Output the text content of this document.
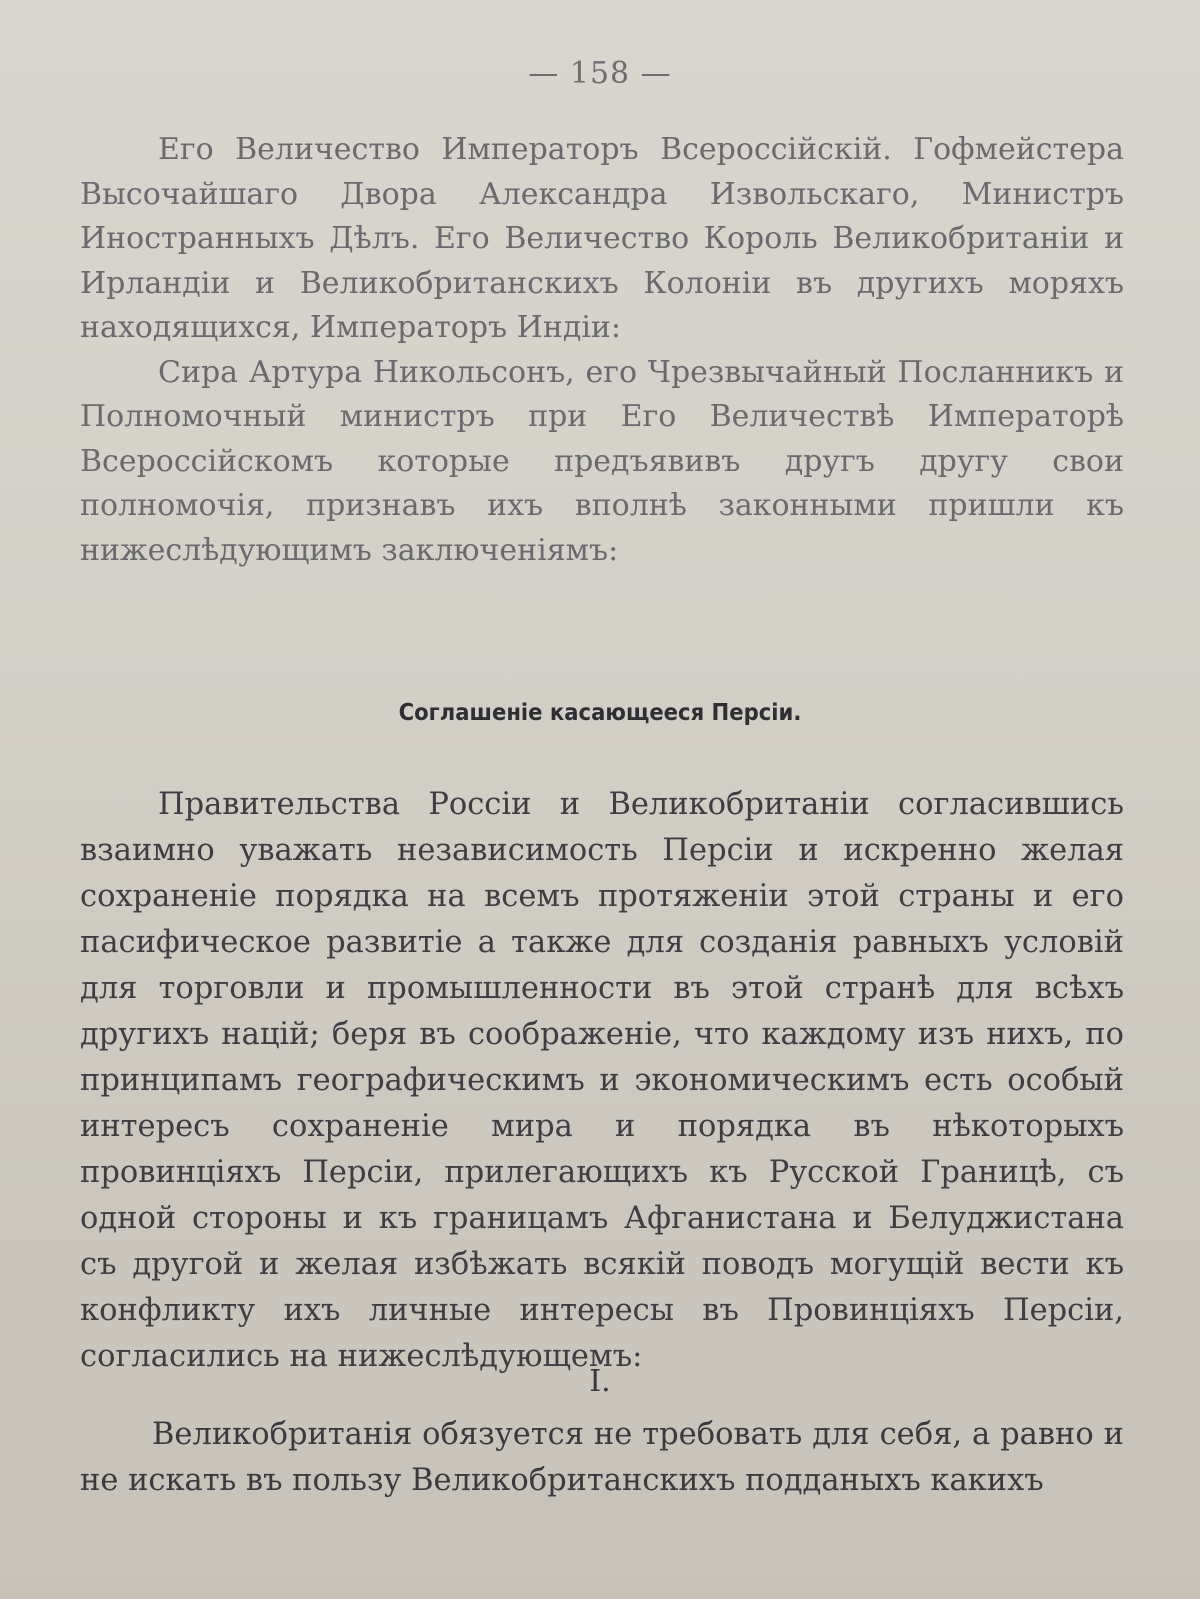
— 158 —

Его Величество Императоръ Всероссійскій. Гофмейстера Высочайшаго Двора Александра Извольскаго, Министръ Иностранныхъ Дѣлъ. Его Величество Король Великобританіи и Ирландіи и Великобританскихъ Колоніи въ другихъ моряхъ находящихся, Императоръ Индіи:

Сира Артура Никольсонъ, его Чрезвычайный Посланникъ и Полномочный министръ при Его Величествѣ Императорѣ Всероссійскомъ которые предъявивъ другъ другу свои полномочія, признавъ ихъ вполнѣ законными пришли къ нижеслѣдующимъ заключеніямъ:

Соглашеніе касающееся Персіи.

Правительства Россіи и Великобританіи согласившись взаимно уважать независимость Персіи и искренно желая сохраненіе порядка на всемъ протяженіи этой страны и его пасифическое развитіе а также для созданія равныхъ условій для торговли и промышленности въ этой странѣ для всѣхъ другихъ націй; беря въ соображеніе, что каждому изъ нихъ, по принципамъ географическимъ и экономическимъ есть особый интересъ сохраненіе мира и порядка въ нѣкоторыхъ провинціяхъ Персіи, прилегающихъ къ Русской Границѣ, съ одной стороны и къ границамъ Афганистана и Белуджистана съ другой и желая избѣжать всякій поводъ могущій вести къ конфликту ихъ личные интересы въ Провинціяхъ Персіи, согласились на нижеслѣдующемъ:

I.

Великобританія обязуется не требовать для себя, а равно и не искать въ пользу Великобританскихъ подданыхъ какихъ
